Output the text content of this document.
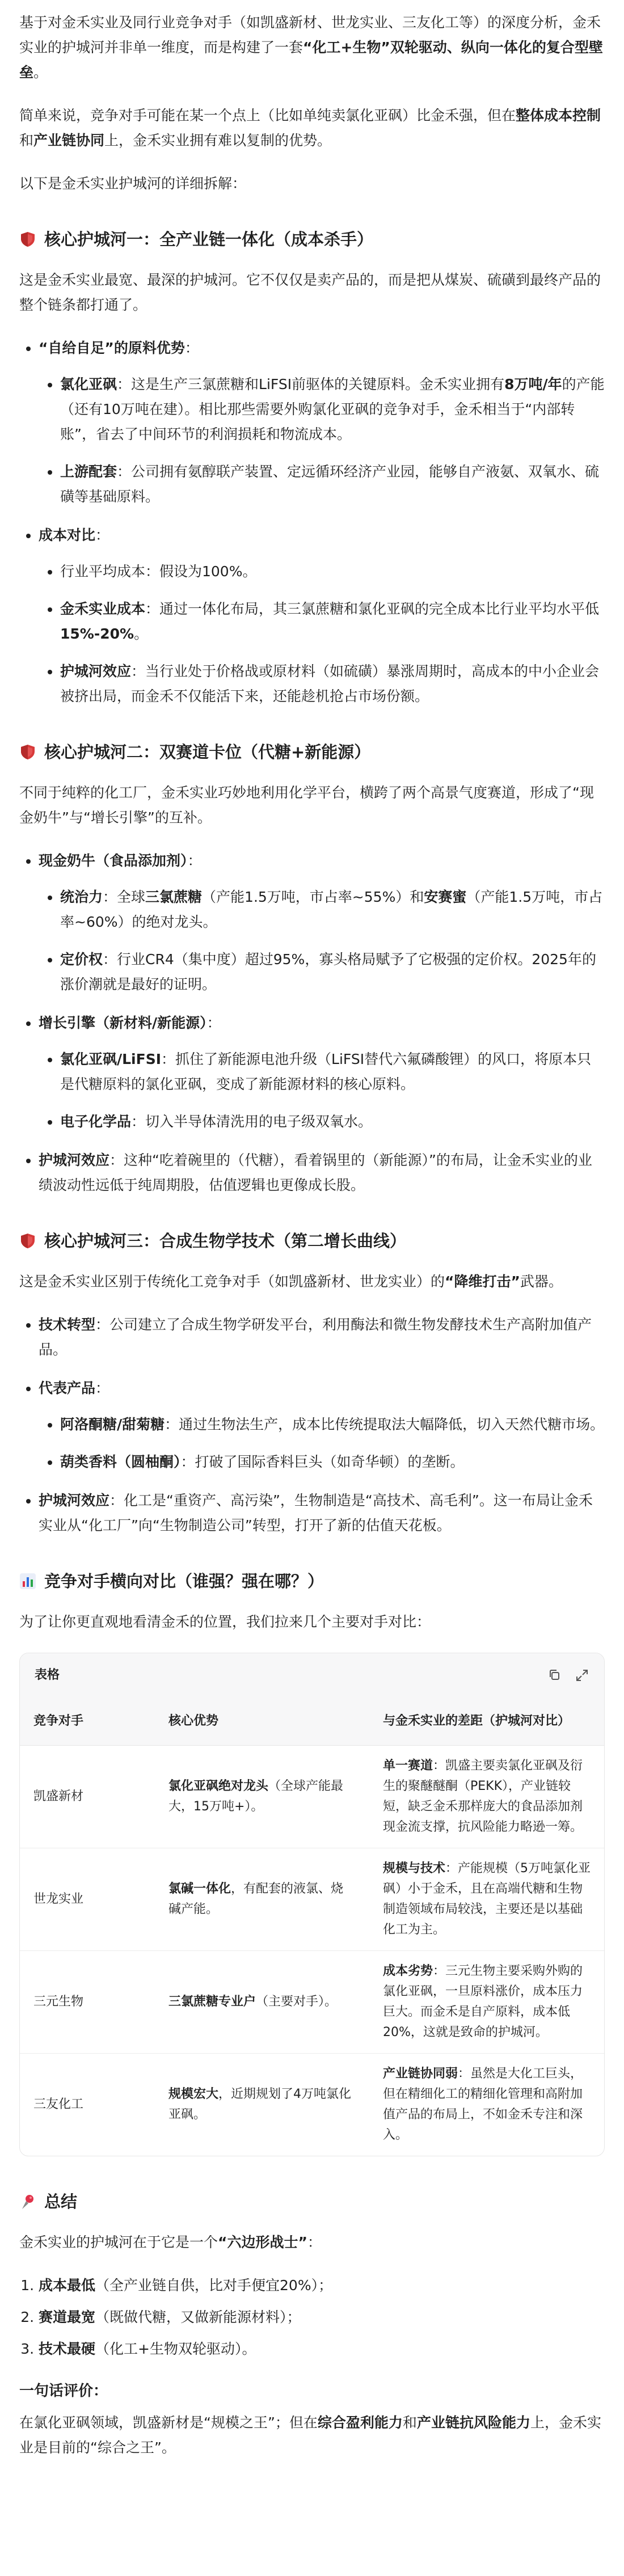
基于对金禾实业及同行业竞争对手（如凯盛新材、世龙实业、三友化工等）的深度分析，金禾实业的护城河并非单一维度，而是构建了一套“化工+生物”双轮驱动、纵向一体化的复合型壁垒。

简单来说，竞争对手可能在某一个点上（比如单纯卖氯化亚砜）比金禾强，但在整体成本控制和产业链协同上，金禾实业拥有难以复制的优势。

以下是金禾实业护城河的详细拆解：

核心护城河一：全产业链一体化（成本杀手）

这是金禾实业最宽、最深的护城河。它不仅仅是卖产品的，而是把从煤炭、硫磺到最终产品的整个链条都打通了。

• “自给自足”的原料优势：
• 氯化亚砜：这是生产三氯蔗糖和LiFSI前驱体的关键原料。金禾实业拥有8万吨/年的产能（还有10万吨在建）。相比那些需要外购氯化亚砜的竞争对手，金禾相当于“内部转账”，省去了中间环节的利润损耗和物流成本。
• 上游配套：公司拥有氨醇联产装置、定远循环经济产业园，能够自产液氨、双氧水、硫磺等基础原料。
• 成本对比：
• 行业平均成本：假设为100%。
• 金禾实业成本：通过一体化布局，其三氯蔗糖和氯化亚砜的完全成本比行业平均水平低15%-20%。
• 护城河效应：当行业处于价格战或原材料（如硫磺）暴涨周期时，高成本的中小企业会被挤出局，而金禾不仅能活下来，还能趁机抢占市场份额。
核心护城河二：双赛道卡位（代糖+新能源）

不同于纯粹的化工厂，金禾实业巧妙地利用化学平台，横跨了两个高景气度赛道，形成了“现金奶牛”与“增长引擎”的互补。

• 现金奶牛（食品添加剂）：
• 统治力：全球三氯蔗糖（产能1.5万吨，市占率~55%）和安赛蜜（产能1.5万吨，市占率~60%）的绝对龙头。
• 定价权：行业CR4（集中度）超过95%，寡头格局赋予了它极强的定价权。2025年的涨价潮就是最好的证明。
• 增长引擎（新材料/新能源）：
• 氯化亚砜/LiFSI：抓住了新能源电池升级（LiFSI替代六氟磷酸锂）的风口，将原本只是代糖原料的氯化亚砜，变成了新能源材料的核心原料。
• 电子化学品：切入半导体清洗用的电子级双氧水。
• 护城河效应：这种“吃着碗里的（代糖），看着锅里的（新能源）”的布局，让金禾实业的业绩波动性远低于纯周期股，估值逻辑也更像成长股。
核心护城河三：合成生物学技术（第二增长曲线）

这是金禾实业区别于传统化工竞争对手（如凯盛新材、世龙实业）的“降维打击”武器。

• 技术转型：公司建立了合成生物学研发平台，利用酶法和微生物发酵技术生产高附加值产品。
• 代表产品：
• 阿洛酮糖/甜菊糖：通过生物法生产，成本比传统提取法大幅降低，切入天然代糖市场。
• 葫类香料（圆柚酮）：打破了国际香料巨头（如奇华顿）的垄断。
• 护城河效应：化工是“重资产、高污染”，生物制造是“高技术、高毛利”。这一布局让金禾实业从“化工厂”向“生物制造公司”转型，打开了新的估值天花板。
竞争对手横向对比（谁强？强在哪？）

为了让你更直观地看清金禾的位置，我们拉来几个主要对手对比：

表格
竞争对手	核心优势	与金禾实业的差距（护城河对比）
凯盛新材	氯化亚砜绝对龙头（全球产能最大，15万吨+）。	单一赛道：凯盛主要卖氯化亚砜及衍生的聚醚醚酮（PEKK），产业链较短，缺乏金禾那样庞大的食品添加剂现金流支撑，抗风险能力略逊一筹。
世龙实业	氯碱一体化，有配套的液氯、烧碱产能。	规模与技术：产能规模（5万吨氯化亚砜）小于金禾，且在高端代糖和生物制造领域布局较浅，主要还是以基础化工为主。
三元生物	三氯蔗糖专业户（主要对手）。	成本劣势：三元生物主要采购外购的氯化亚砜，一旦原料涨价，成本压力巨大。而金禾是自产原料，成本低20%，这就是致命的护城河。
三友化工	规模宏大，近期规划了4万吨氯化亚砜。	产业链协同弱：虽然是大化工巨头，但在精细化工的精细化管理和高附加值产品的布局上，不如金禾专注和深入。
总结

金禾实业的护城河在于它是一个“六边形战士”：

1. 成本最低（全产业链自供，比对手便宜20%）；
2. 赛道最宽（既做代糖，又做新能源材料）；
3. 技术最硬（化工+生物双轮驱动）。
一句话评价：

在氯化亚砜领域，凯盛新材是“规模之王”；但在综合盈利能力和产业链抗风险能力上，金禾实业是目前的“综合之王”。
